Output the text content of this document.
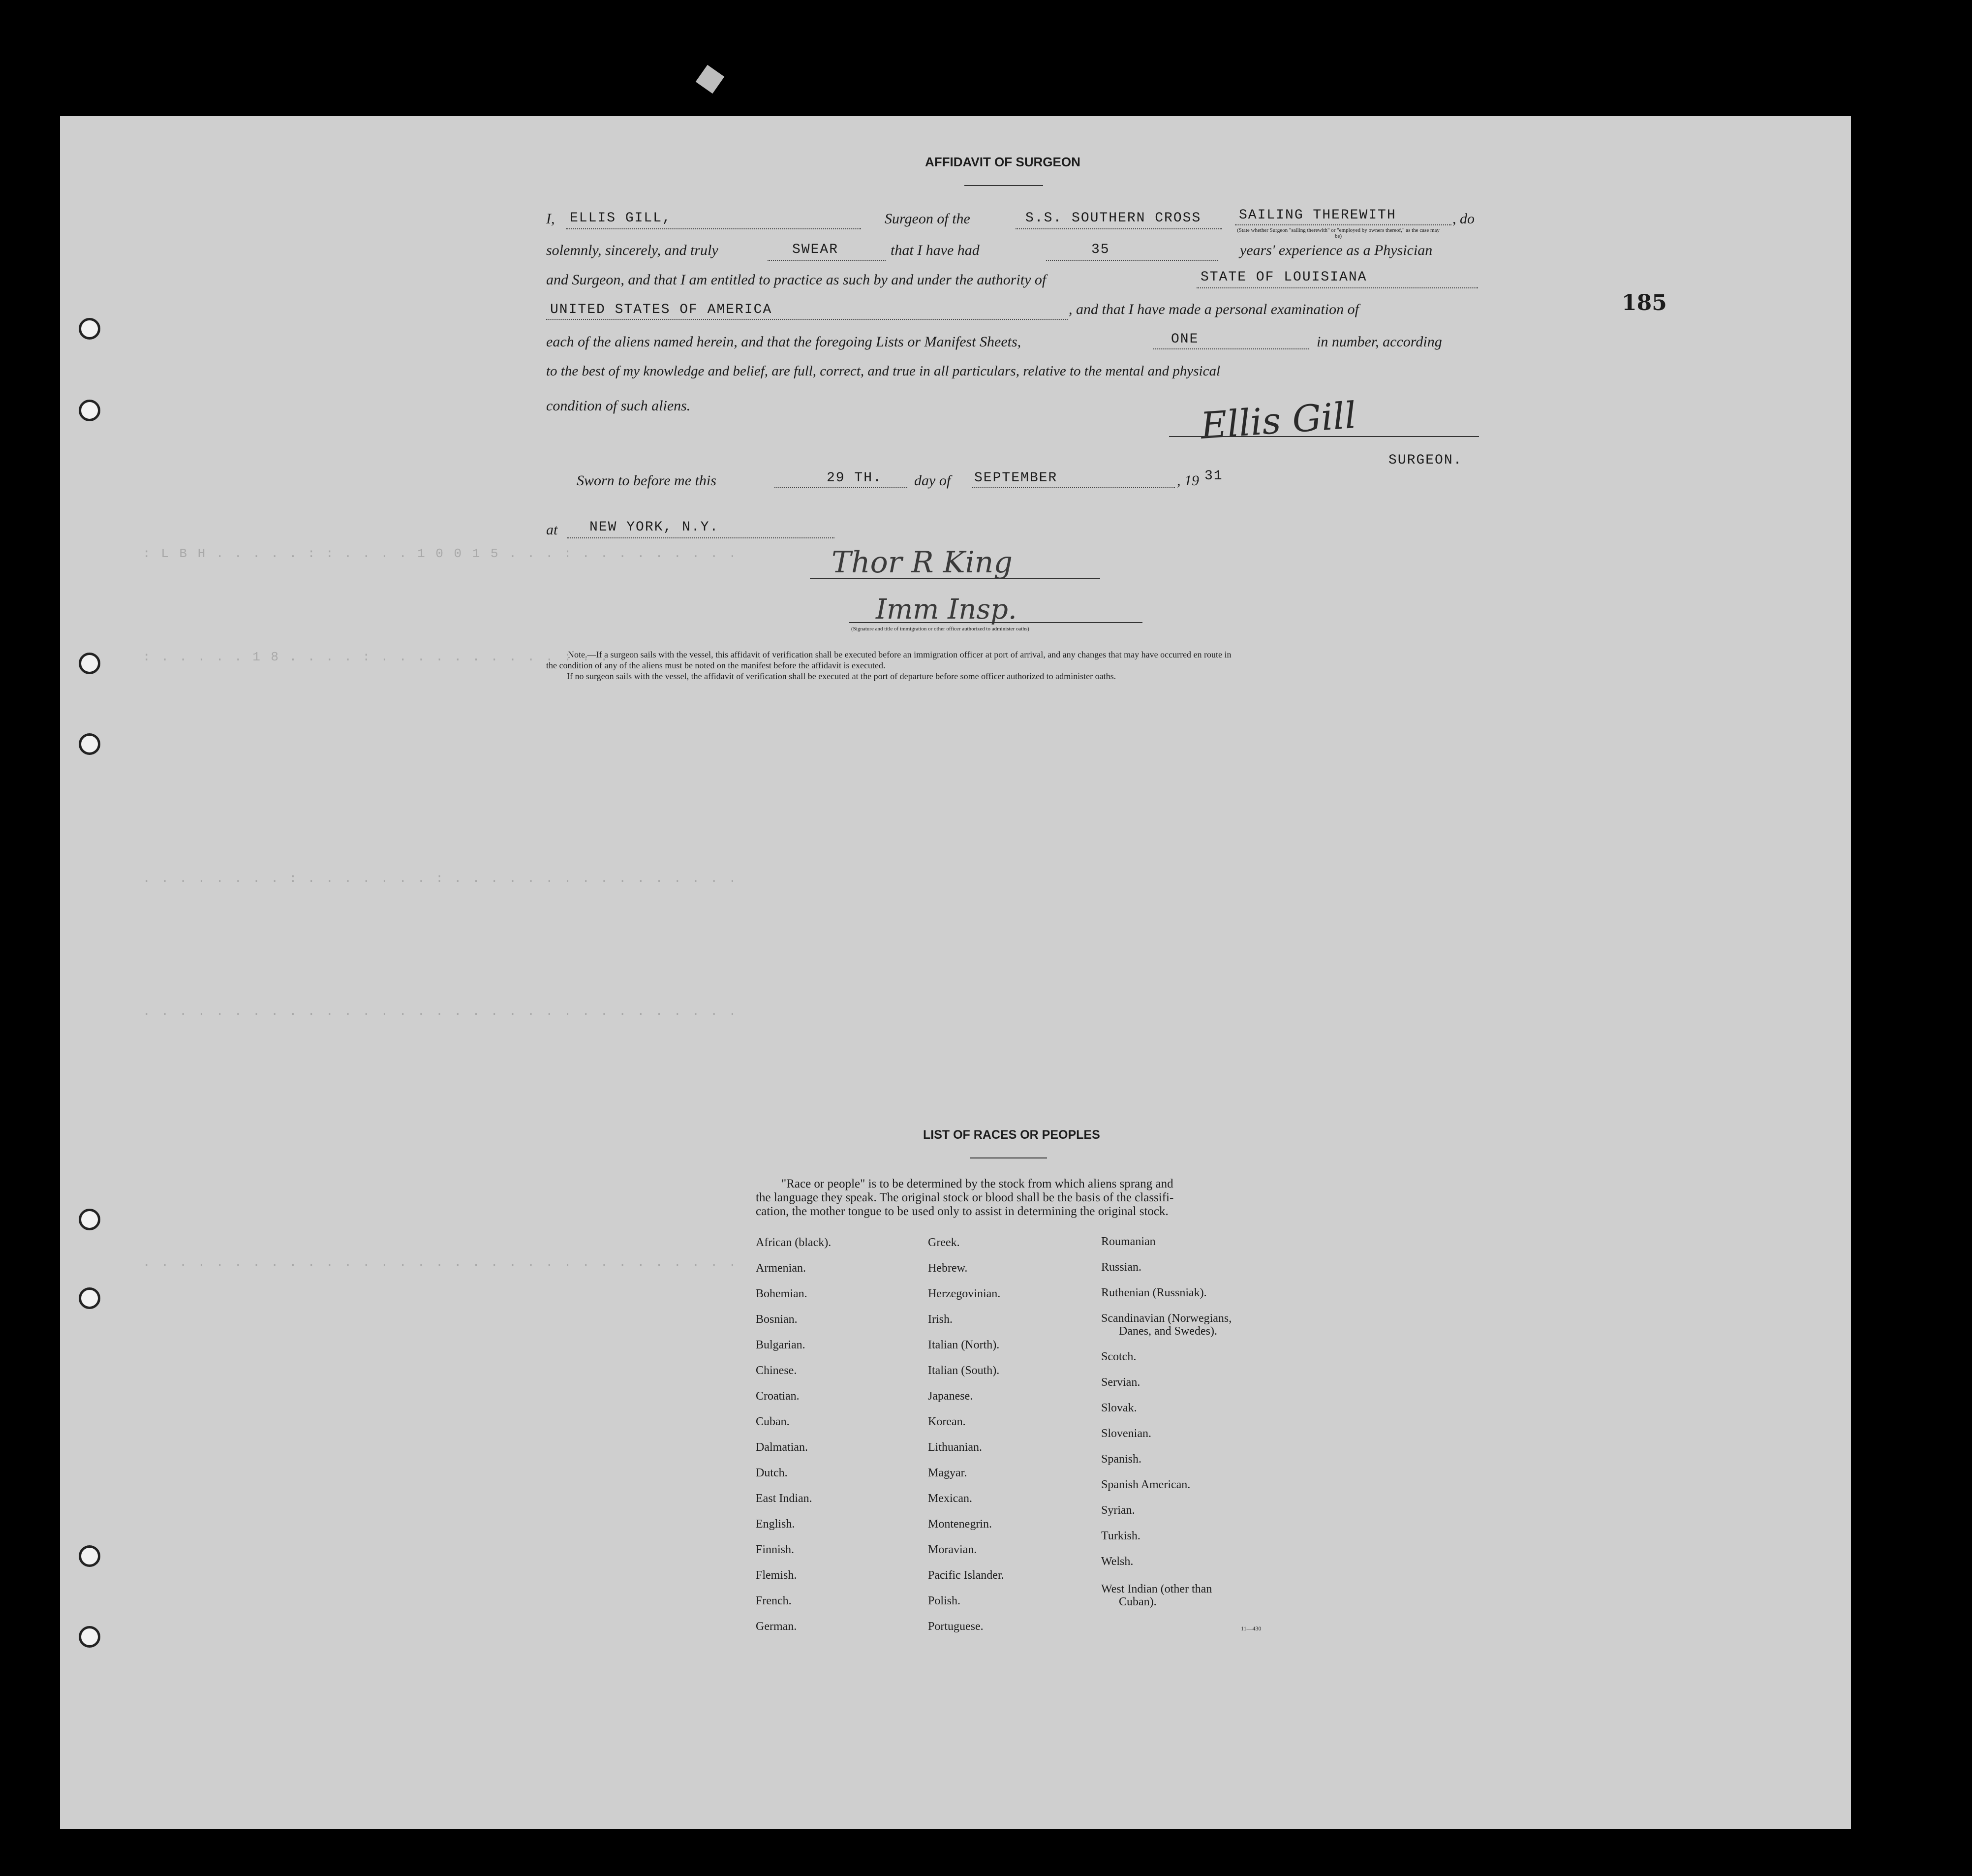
: L B H . . . . . : : . . . . 1 0 0 1 5 . . . : . . . . . . . . .
: . . . . . 1 8 . . . . : . . . . . . . . . . : . . .
. . . . . . . . : . . . . . . . : . . . . . . . . . . . . . . . .
. . . . . . . . . . . . . . . . . . . . . . . . . . . . . . . . .
. . . . . . . . . . . . . . . . . . . . . . . . . . . . . . . . .
185
AFFIDAVIT OF SURGEON
I, ELLIS GILL,	Surgeon of the	S.S. SOUTHERN CROSS	SAILING THEREWITH
(State whether Surgeon "sailing therewith" or "employed by owners thereof," as the case may be)
, do
solemnly, sincerely, and truly	SWEAR	that I have had	35	years' experience as a Physician
and Surgeon, and that I am entitled to practice as such by and under the authority of	STATE OF LOUISIANA
UNITED STATES OF AMERICA	, and that I have made a personal examination of
each of the aliens named herein, and that the foregoing Lists or Manifest Sheets,	ONE	in number, according
to the best of my knowledge and belief, are full, correct, and true in all particulars, relative to the mental and physical
condition of such aliens.	Ellis Gill
SURGEON.
Sworn to before me this	29 TH. day of SEPTEMBER	, 19 31
at NEW YORK, N.Y.
Thor R King
Imm Insp.
(Signature and title of immigration or other officer authorized to administer oaths)
Note.—If a surgeon sails with the vessel, this affidavit of verification shall be executed before an immigration officer at port of arrival, and any changes that may have occurred en route in
the condition of any of the aliens must be noted on the manifest before the affidavit is executed.
If no surgeon sails with the vessel, the affidavit of verification shall be executed at the port of departure before some officer authorized to administer oaths.
LIST OF RACES OR PEOPLES
"Race or people" is to be determined by the stock from which aliens sprang and
the language they speak. The original stock or blood shall be the basis of the classifi-
cation, the mother tongue to be used only to assist in determining the original stock.
African (black).
Armenian.
Bohemian.
Bosnian.
Bulgarian.
Chinese.
Croatian.
Cuban.
Dalmatian.
Dutch.
East Indian.
English.
Finnish.
Flemish.
French.
German.
Greek.
Hebrew.
Herzegovinian.
Irish.
Italian (North).
Italian (South).
Japanese.
Korean.
Lithuanian.
Magyar.
Mexican.
Montenegrin.
Moravian.
Pacific Islander.
Polish.
Portuguese.
Roumanian
Russian.
Ruthenian (Russniak).
Scandinavian (Norwegians,
Danes, and Swedes).
Scotch.
Servian.
Slovak.
Slovenian.
Spanish.
Spanish American.
Syrian.
Turkish.
Welsh.
West Indian (other than
Cuban).
11—430
